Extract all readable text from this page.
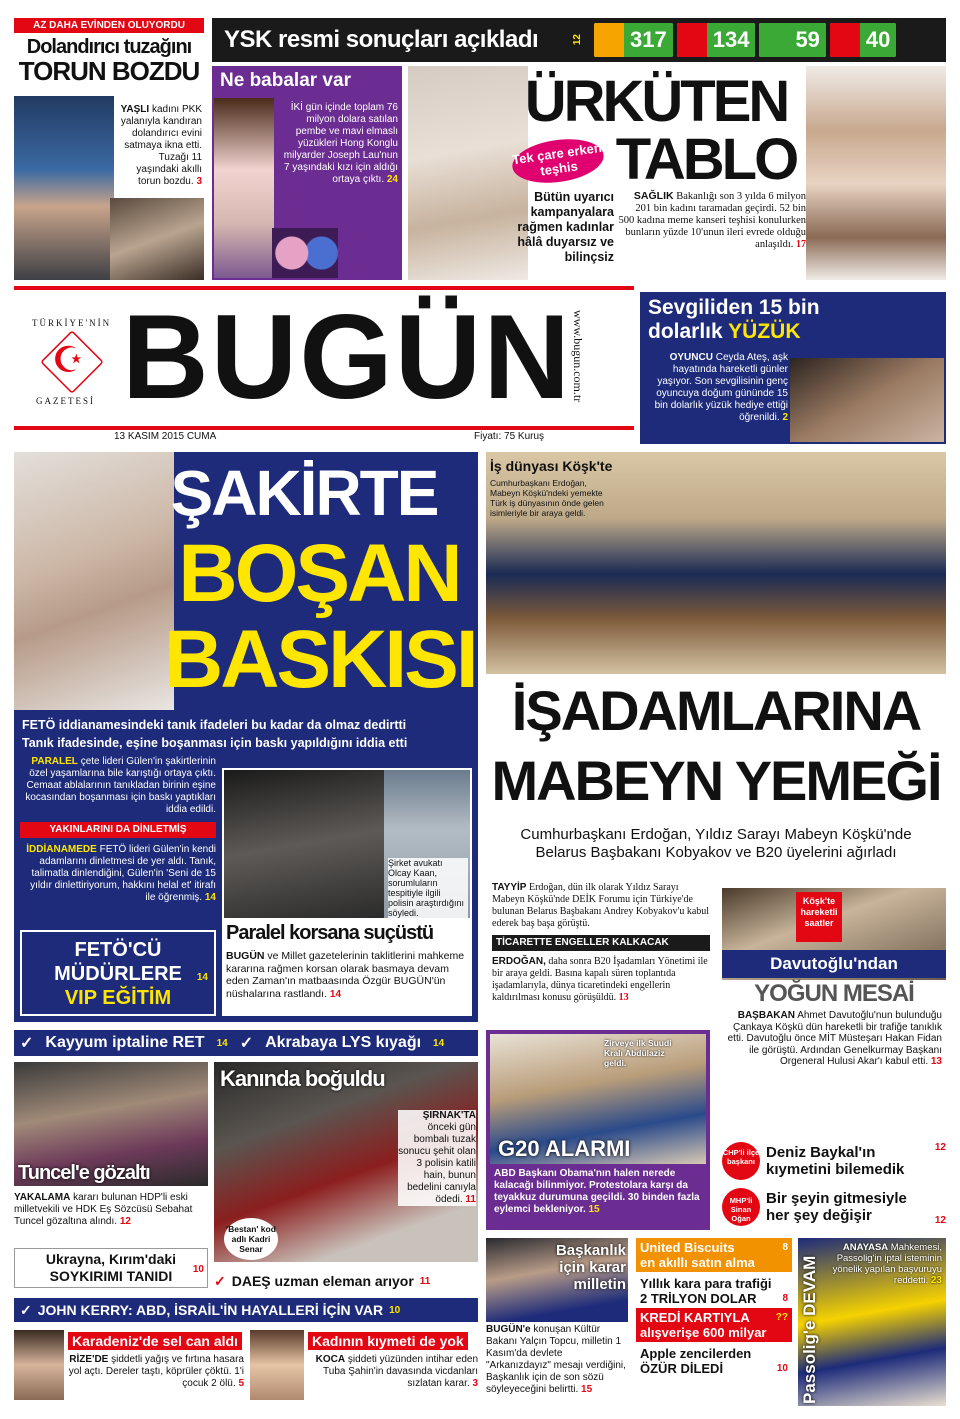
AZ DAHA EVİNDEN OLUYORDU
Dolandırıcı tuzağını
TORUN BOZDU
YAŞLI kadını PKK yalanıyla kandıran dolandırıcı evini satmaya ikna etti. Tuzağı 11 yaşındaki akıllı torun bozdu. 3
YSK resmi sonuçları açıkladı	12 317 134 59 40
Ne babalar var
İKİ gün içinde toplam 76 milyon dolara satılan pembe ve mavi elmaslı yüzükleri Hong Konglu milyarder Joseph Lau'nun 7 yaşındaki kızı için aldığı ortaya çıktı. 24
ÜRKÜTEN
TABLO
Tek çare erken teşhis
Bütün uyarıcı kampanyalara rağmen kadınlar hâlâ duyarsız ve bilinçsiz
SAĞLIK Bakanlığı son 3 yılda 6 milyon 201 bin kadını taramadan geçirdi. 52 bin 500 kadına meme kanseri teşhisi konulurken bunların yüzde 10'unun ileri evrede olduğu anlaşıldı. 17
TÜRKİYE'NİN
☪
GAZETESİ BUGÜN www.bugun.com.tr
13 KASIM 2015 CUMA	Fiyatı: 75 Kuruş
Sevgiliden 15 bin dolarlık YÜZÜK
OYUNCU Ceyda Ateş, aşk hayatında hareketli günler yaşıyor. Son sevgilisinin genç oyuncuya doğum gününde 15 bin dolarlık yüzük hediye ettiği öğrenildi. 2
ŞAKİRTE
BOŞAN
BASKISI
FETÖ iddianamesindeki tanık ifadeleri bu kadar da olmaz dedirtti
Tanık ifadesinde, eşine boşanması için baskı yapıldığını iddia etti
PARALEL çete lideri Gülen'in şakirtlerinin özel yaşamlarına bile karıştığı ortaya çıktı. Cemaat ablalarının tanıkladan birinin eşine kocasından boşanması için baskı yaptıkları iddia edildi.
YAKINLARINI DA DİNLETMİŞ
İDDİANAMEDE FETÖ lideri Gülen'in kendi adamlarını dinletmesi de yer aldı. Tanık, talimatla dinlendiğini, Gülen'in 'Seni de 15 yıldır dinlettiriyorum, hakkını helal et' itirafı ile öğrenmiş. 14
FETÖ'CÜ
MÜDÜRLERE
VIP EĞİTİM
14
Şirket avukatı Olcay Kaan, sorumluların tespitiyle ilgili polisin araştırdığını söyledi.
Paralel korsana suçüstü
BUGÜN ve Millet gazetelerinin taklitlerini mahkeme kararına rağmen korsan olarak basmaya devam eden Zaman'ın matbaasında Özgür BUGÜN'ün nüshalarına rastlandı. 14
İş dünyası Köşk'te
Cumhurbaşkanı Erdoğan, Mabeyn Köşkü'ndeki yemekte Türk iş dünyasının önde gelen isimleriyle bir araya geldi.
İŞADAMLARINA
MABEYN YEMEĞİ
Cumhurbaşkanı Erdoğan, Yıldız Sarayı Mabeyn Köşkü'nde Belarus Başbakanı Kobyakov ve B20 üyelerini ağırladı
TAYYİP Erdoğan, dün ilk olarak Yıldız Sarayı Mabeyn Köşkü'nde DEİK Forumu için Türkiye'de bulunan Belarus Başbakanı Andrey Kobyakov'u kabul ederek baş başa görüştü.
TİCARETTE ENGELLER KALKACAK
ERDOĞAN, daha sonra B20 İşadamları Yönetimi ile bir araya geldi. Basına kapalı süren toplantıda işadamlarıyla, dünya ticaretindeki engellerin kaldırılması konusu görüşüldü. 13
Köşk'te hareketli saatler
Davutoğlu'ndan
YOĞUN MESAİ
BAŞBAKAN Ahmet Davutoğlu'nun bulunduğu Çankaya Köşkü dün hareketli bir trafiğe tanıklık etti. Davutoğlu önce MİT Müsteşarı Hakan Fidan ile görüştü. Ardından Genelkurmay Başkanı Orgeneral Hulusi Akar'ı kabul etti. 13
✓ Kayyum iptaline RET 14 ✓ Akrabaya LYS kıyağı 14
Tuncel'e gözaltı
YAKALAMA kararı bulunan HDP'li eski milletvekili ve HDK Eş Sözcüsü Sebahat Tuncel gözaltına alındı. 12
Kanında boğuldu
ŞIRNAK'TA önceki gün bombalı tuzak sonucu şehit olan 3 polisin katili hain, bunun bedelini canıyla ödedi. 11
'Bestan' kod adlı Kadri Senar
Zirveye ilk Suudi Kralı Abdülaziz geldi.
G20 ALARMI
ABD Başkanı Obama'nın halen nerede kalacağı bilinmiyor. Protestolara karşı da teyakkuz durumuna geçildi. 30 binden fazla eylemci bekleniyor. 15
CHP'li ilçe başkanı
Deniz Baykal'ın kıymetini bilemedik
12
MHP'li Sinan Oğan
Bir şeyin gitmesiyle her şey değişir	12
Ukrayna, Kırım'daki
SOYKIRIMI TANIDI	10
✓ DAEŞ uzman eleman arıyor 11
✓ JOHN KERRY: ABD, İSRAİL'İN HAYALLERİ İÇİN VAR 10
Karadeniz'de sel can aldı
RİZE'DE şiddetli yağış ve fırtına hasara yol açtı. Dereler taştı, köprüler çöktü. 1'i çocuk 2 ölü. 5
Kadının kıymeti de yok
KOCA şiddeti yüzünden intihar eden Tuba Şahin'in davasında vicdanları sızlatan karar. 3
Başkanlık için karar milletin
BUGÜN'e konuşan Kültür Bakanı Yalçın Topcu, milletin 1 Kasım'da devlete "Arkanızdayız" mesajı verdiğini, Başkanlık için de son sözü söyleyeceğini belirtti. 15
United Biscuits
en akıllı satın alma
8
Yıllık kara para trafiği
2 TRİLYON DOLAR	8
KREDİ KARTIYLA
alışverişe 600 milyar
??
Apple zencilerden
ÖZÜR DİLEDİ	10 Passolig'e DEVAM
ANAYASA Mahkemesi, Passolig'in iptal isteminin yönelik yapılan başvuruyu reddetti. 23
